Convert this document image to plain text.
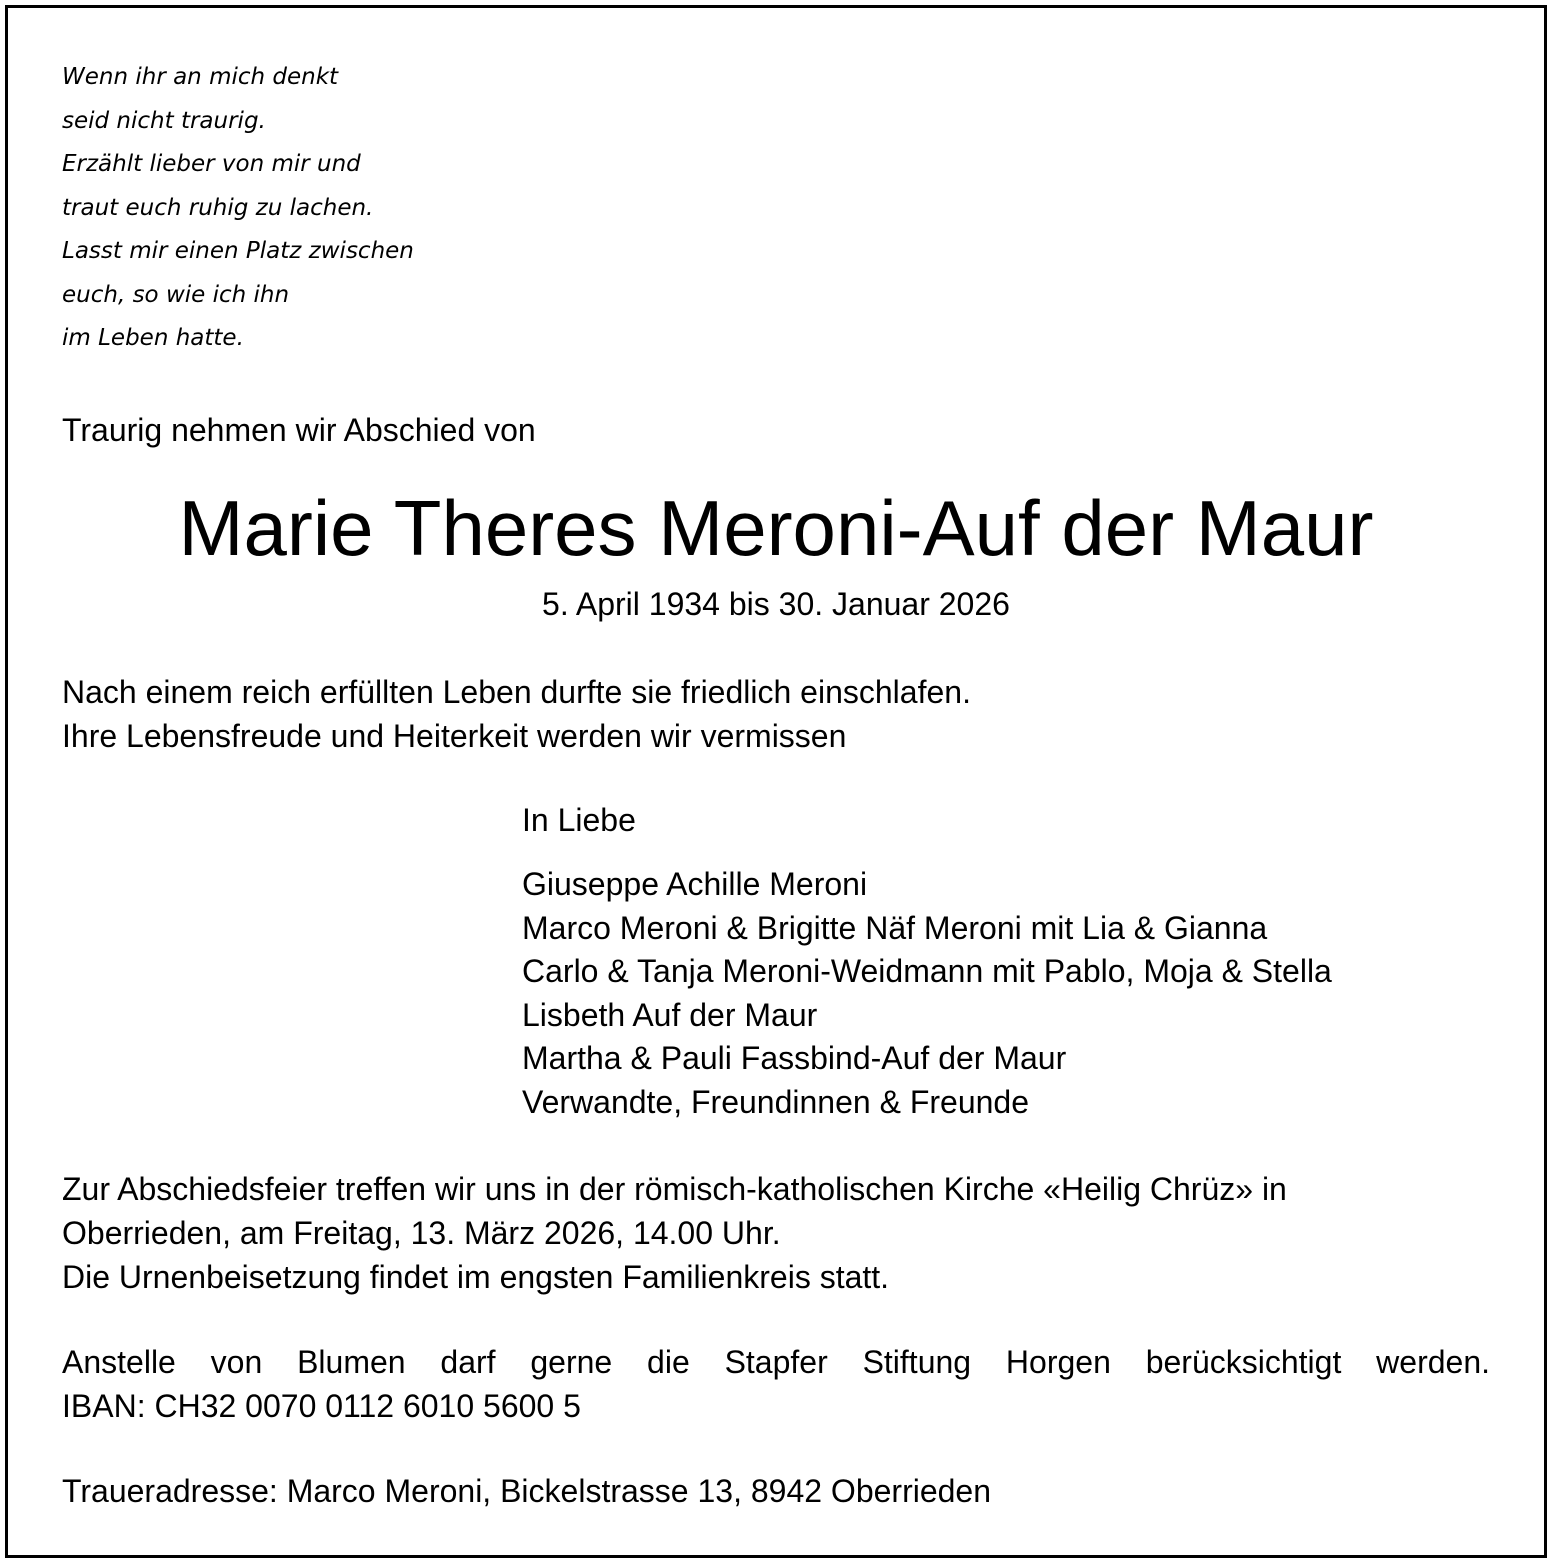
Wenn ihr an mich denkt
seid nicht traurig.
Erzählt lieber von mir und
traut euch ruhig zu lachen.
Lasst mir einen Platz zwischen
euch, so wie ich ihn
im Leben hatte.
Traurig nehmen wir Abschied von
Marie Theres Meroni-Auf der Maur
5. April 1934 bis 30. Januar 2026
Nach einem reich erfüllten Leben durfte sie friedlich einschlafen.
Ihre Lebensfreude und Heiterkeit werden wir vermissen
In Liebe
Giuseppe Achille Meroni
Marco Meroni & Brigitte Näf Meroni mit Lia & Gianna
Carlo & Tanja Meroni-Weidmann mit Pablo, Moja & Stella
Lisbeth Auf der Maur
Martha & Pauli Fassbind-Auf der Maur
Verwandte, Freundinnen & Freunde
Zur Abschiedsfeier treffen wir uns in der römisch-katholischen Kirche «Heilig Chrüz» in
Oberrieden, am Freitag, 13. März 2026, 14.00 Uhr.
Die Urnenbeisetzung findet im engsten Familienkreis statt.
Anstelle von Blumen darf gerne die Stapfer Stiftung Horgen berücksichtigt werden.
IBAN: CH32 0070 0112 6010 5600 5
Traueradresse: Marco Meroni, Bickelstrasse 13, 8942 Oberrieden
